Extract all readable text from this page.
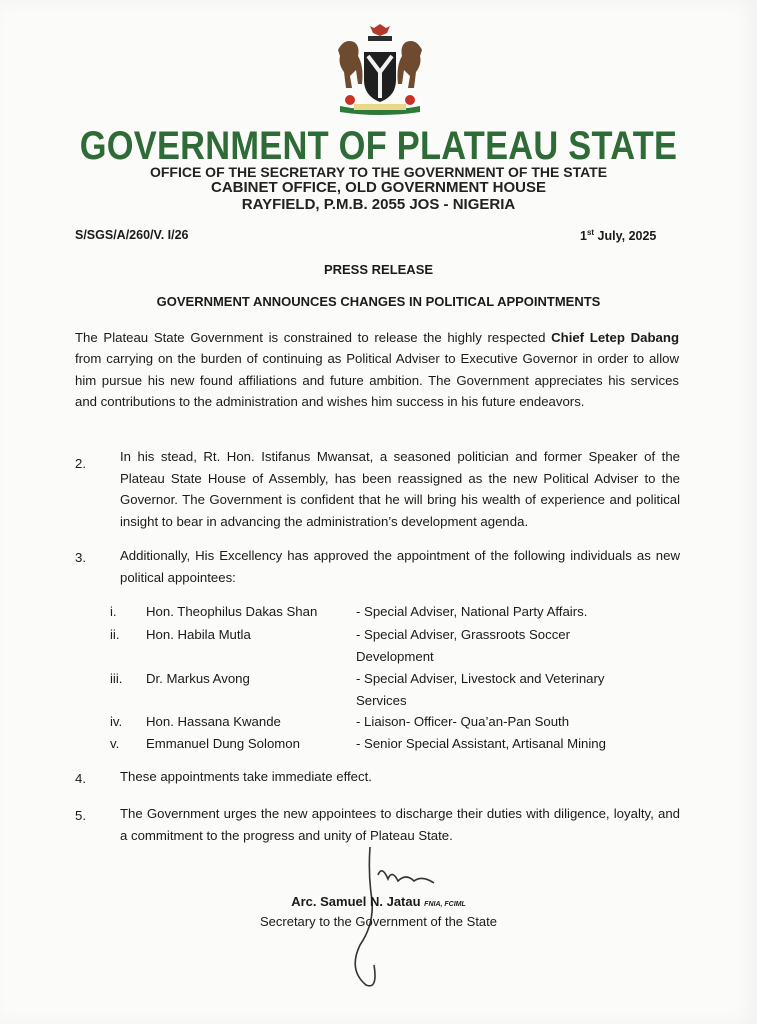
GOVERNMENT OF PLATEAU STATE
OFFICE OF THE SECRETARY TO THE GOVERNMENT OF THE STATE
CABINET OFFICE, OLD GOVERNMENT HOUSE
RAYFIELD, P.M.B. 2055 JOS - NIGERIA
S/SGS/A/260/V. I/26	1st July, 2025
PRESS RELEASE
GOVERNMENT ANNOUNCES CHANGES IN POLITICAL APPOINTMENTS
The Plateau State Government is constrained to release the highly respected Chief Letep Dabang from carrying on the burden of continuing as Political Adviser to Executive Governor in order to allow him pursue his new found affiliations and future ambition. The Government appreciates his services and contributions to the administration and wishes him success in his future endeavors.
2.	In his stead, Rt. Hon. Istifanus Mwansat, a seasoned politician and former Speaker of the Plateau State House of Assembly, has been reassigned as the new Political Adviser to the Governor. The Government is confident that he will bring his wealth of experience and political insight to bear in advancing the administration’s development agenda.
3.	Additionally, His Excellency has approved the appointment of the following individuals as new political appointees:
i.	Hon. Theophilus Dakas Shan	- Special Adviser, National Party Affairs.
ii.	Hon. Habila Mutla	- Special Adviser, Grassroots Soccer Development
iii.	Dr. Markus Avong	- Special Adviser, Livestock and Veterinary Services
iv.	Hon. Hassana Kwande	- Liaison- Officer- Qua’an-Pan South
v.	Emmanuel Dung Solomon	- Senior Special Assistant, Artisanal Mining
4.	These appointments take immediate effect.
5.	The Government urges the new appointees to discharge their duties with diligence, loyalty, and a commitment to the progress and unity of Plateau State.
Arc. Samuel N. Jatau FNIA, FCIML
Secretary to the Government of the State
